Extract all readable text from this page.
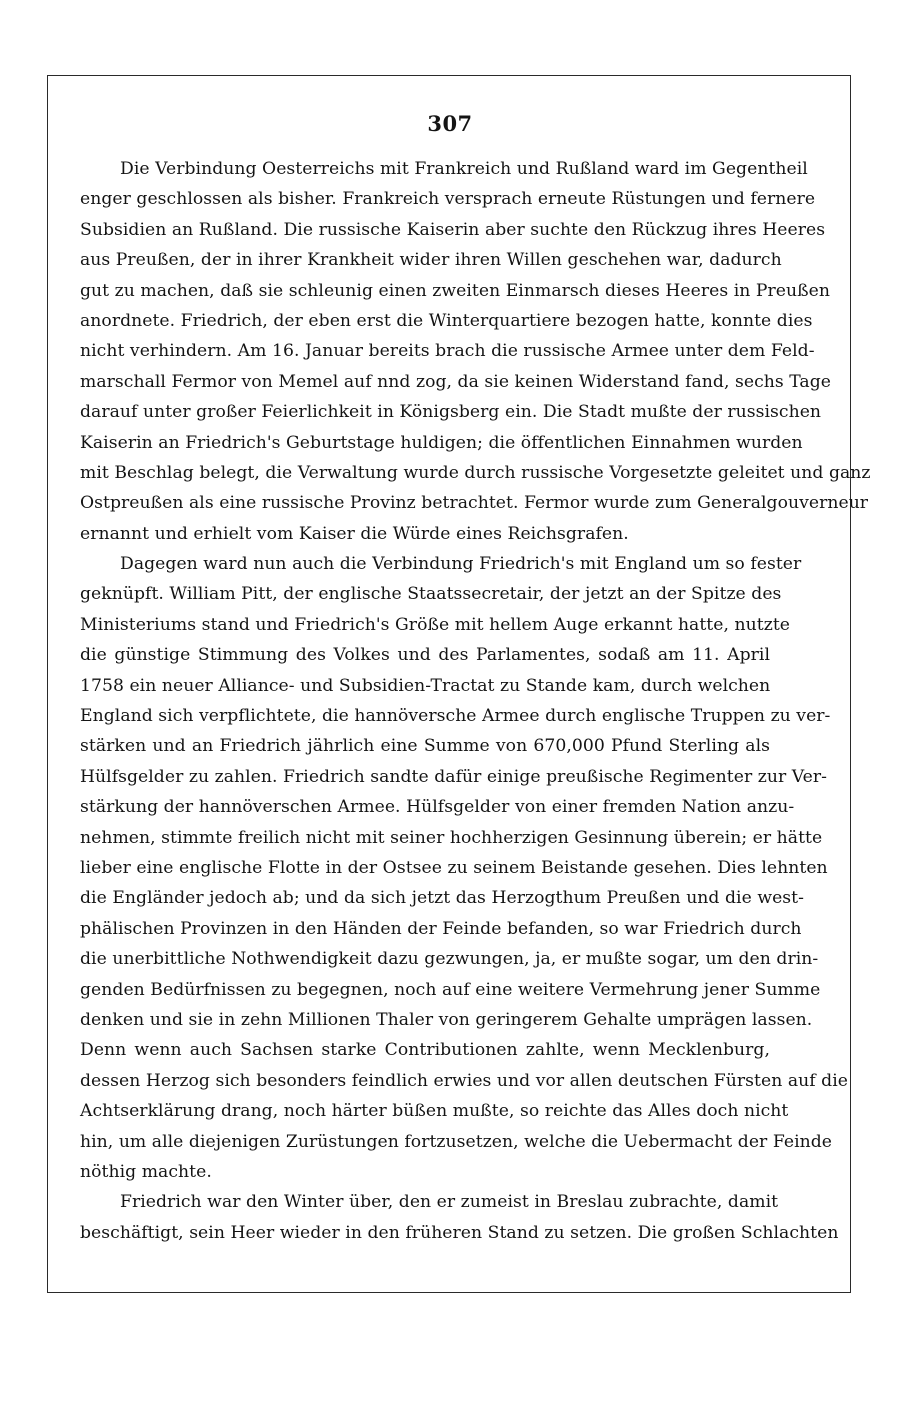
307
Die Verbindung Oesterreichs mit Frankreich und Rußland ward im Gegentheil
enger geschlossen als bisher. Frankreich versprach erneute Rüstungen und fernere
Subsidien an Rußland. Die russische Kaiserin aber suchte den Rückzug ihres Heeres
aus Preußen, der in ihrer Krankheit wider ihren Willen geschehen war, dadurch
gut zu machen, daß sie schleunig einen zweiten Einmarsch dieses Heeres in Preußen
anordnete. Friedrich, der eben erst die Winterquartiere bezogen hatte, konnte dies
nicht verhindern. Am 16. Januar bereits brach die russische Armee unter dem Feld-
marschall Fermor von Memel auf nnd zog, da sie keinen Widerstand fand, sechs Tage
darauf unter großer Feierlichkeit in Königsberg ein. Die Stadt mußte der russischen
Kaiserin an Friedrich's Geburtstage huldigen; die öffentlichen Einnahmen wurden
mit Beschlag belegt, die Verwaltung wurde durch russische Vorgesetzte geleitet und ganz
Ostpreußen als eine russische Provinz betrachtet. Fermor wurde zum Generalgouverneur
ernannt und erhielt vom Kaiser die Würde eines Reichsgrafen.
Dagegen ward nun auch die Verbindung Friedrich's mit England um so fester
geknüpft. William Pitt, der englische Staatssecretair, der jetzt an der Spitze des
Ministeriums stand und Friedrich's Größe mit hellem Auge erkannt hatte, nutzte
die günstige Stimmung des Volkes und des Parlamentes, sodaß am 11. April
1758 ein neuer Alliance- und Subsidien-Tractat zu Stande kam, durch welchen
England sich verpflichtete, die hannöversche Armee durch englische Truppen zu ver-
stärken und an Friedrich jährlich eine Summe von 670,000 Pfund Sterling als
Hülfsgelder zu zahlen. Friedrich sandte dafür einige preußische Regimenter zur Ver-
stärkung der hannöverschen Armee. Hülfsgelder von einer fremden Nation anzu-
nehmen, stimmte freilich nicht mit seiner hochherzigen Gesinnung überein; er hätte
lieber eine englische Flotte in der Ostsee zu seinem Beistande gesehen. Dies lehnten
die Engländer jedoch ab; und da sich jetzt das Herzogthum Preußen und die west-
phälischen Provinzen in den Händen der Feinde befanden, so war Friedrich durch
die unerbittliche Nothwendigkeit dazu gezwungen, ja, er mußte sogar, um den drin-
genden Bedürfnissen zu begegnen, noch auf eine weitere Vermehrung jener Summe
denken und sie in zehn Millionen Thaler von geringerem Gehalte umprägen lassen.
Denn wenn auch Sachsen starke Contributionen zahlte, wenn Mecklenburg,
dessen Herzog sich besonders feindlich erwies und vor allen deutschen Fürsten auf die
Achtserklärung drang, noch härter büßen mußte, so reichte das Alles doch nicht
hin, um alle diejenigen Zurüstungen fortzusetzen, welche die Uebermacht der Feinde
nöthig machte.
Friedrich war den Winter über, den er zumeist in Breslau zubrachte, damit
beschäftigt, sein Heer wieder in den früheren Stand zu setzen. Die großen Schlachten
